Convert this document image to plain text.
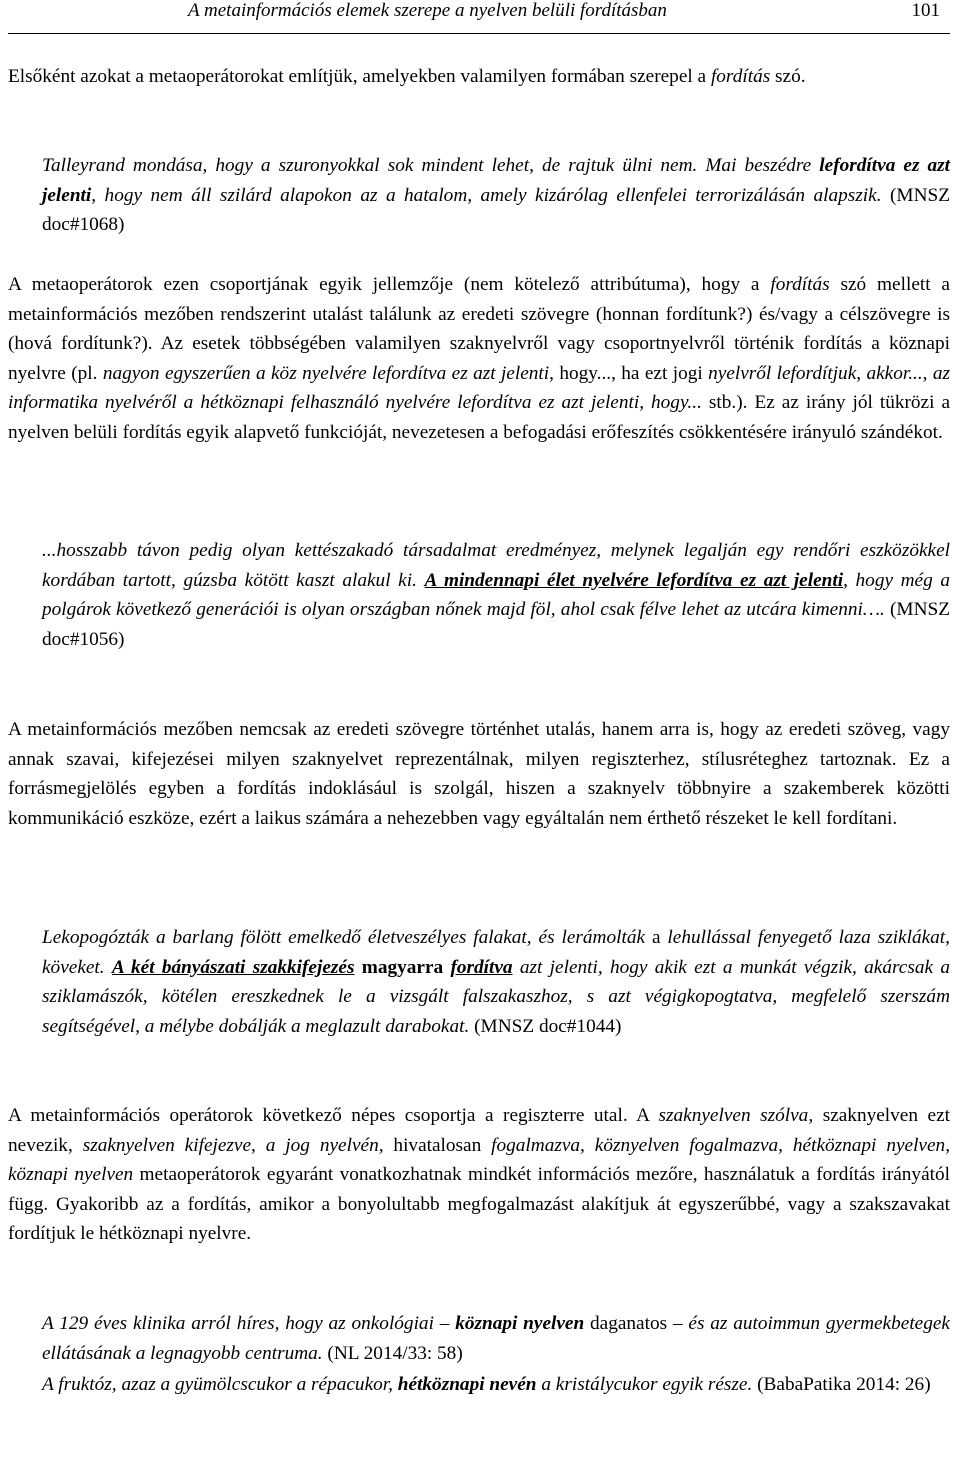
A metainformációs elemek szerepe a nyelven belüli fordításban	101

Elsőként azokat a metaoperátorokat említjük, amelyekben valamilyen formában szerepel a fordítás szó.

Talleyrand mondása, hogy a szuronyokkal sok mindent lehet, de rajtuk ülni nem. Mai beszédre lefordítva ez azt jelenti, hogy nem áll szilárd alapokon az a hatalom, amely kizárólag ellenfelei terrorizálásán alapszik. (MNSZ doc#1068)

A metaoperátorok ezen csoportjának egyik jellemzője (nem kötelező attribútuma), hogy a fordítás szó mellett a metainformációs mezőben rendszerint utalást találunk az eredeti szövegre (honnan fordítunk?) és/vagy a célszövegre is (hová fordítunk?). Az esetek többségében valamilyen szaknyelvről vagy csoportnyelvről történik fordítás a köznapi nyelvre (pl. nagyon egyszerűen a köz nyelvére lefordítva ez azt jelenti, hogy..., ha ezt jogi nyelvről lefordítjuk, akkor..., az informatika nyelvéről a hétköznapi felhasználó nyelvére lefordítva ez azt jelenti, hogy... stb.). Ez az irány jól tükrözi a nyelven belüli fordítás egyik alapvető funkcióját, nevezetesen a befogadási erőfeszítés csökkentésére irányuló szándékot.

...hosszabb távon pedig olyan kettészakadó társadalmat eredményez, melynek legalján egy rendőri eszközökkel kordában tartott, gúzsba kötött kaszt alakul ki. A mindennapi élet nyelvére lefordítva ez azt jelenti, hogy még a polgárok következő generációi is olyan országban nőnek majd föl, ahol csak félve lehet az utcára kimenni…. (MNSZ doc#1056)

A metainformációs mezőben nemcsak az eredeti szövegre történhet utalás, hanem arra is, hogy az eredeti szöveg, vagy annak szavai, kifejezései milyen szaknyelvet reprezentálnak, milyen regiszterhez, stílusréteghez tartoznak. Ez a forrásmegjelölés egyben a fordítás indoklásául is szolgál, hiszen a szaknyelv többnyire a szakemberek közötti kommunikáció eszköze, ezért a laikus számára a nehezebben vagy egyáltalán nem érthető részeket le kell fordítani.

Lekopogózták a barlang fölött emelkedő életveszélyes falakat, és lerámolták a lehullással fenyegető laza sziklákat, köveket. A két bányászati szakkifejezés magyarra fordítva azt jelenti, hogy akik ezt a munkát végzik, akárcsak a sziklamászók, kötélen ereszkednek le a vizsgált falszakaszhoz, s azt végigkopogtatva, megfelelő szerszám segítségével, a mélybe dobálják a meglazult darabokat. (MNSZ doc#1044)

A metainformációs operátorok következő népes csoportja a regiszterre utal. A szaknyelven szólva, szaknyelven ezt nevezik, szaknyelven kifejezve, a jog nyelvén, hivatalosan fogalmazva, köznyelven fogalmazva, hétköznapi nyelven, köznapi nyelven metaoperátorok egyaránt vonatkozhatnak mindkét információs mezőre, használatuk a fordítás irányától függ. Gyakoribb az a fordítás, amikor a bonyolultabb megfogalmazást alakítjuk át egyszerűbbé, vagy a szakszavakat fordítjuk le hétköznapi nyelvre.

A 129 éves klinika arról híres, hogy az onkológiai – köznapi nyelven daganatos – és az autoimmun gyermekbetegek ellátásának a legnagyobb centruma. (NL 2014/33: 58)

A fruktóz, azaz a gyümölcscukor a répacukor, hétköznapi nevén a kristálycukor egyik része. (BabaPatika 2014: 26)
